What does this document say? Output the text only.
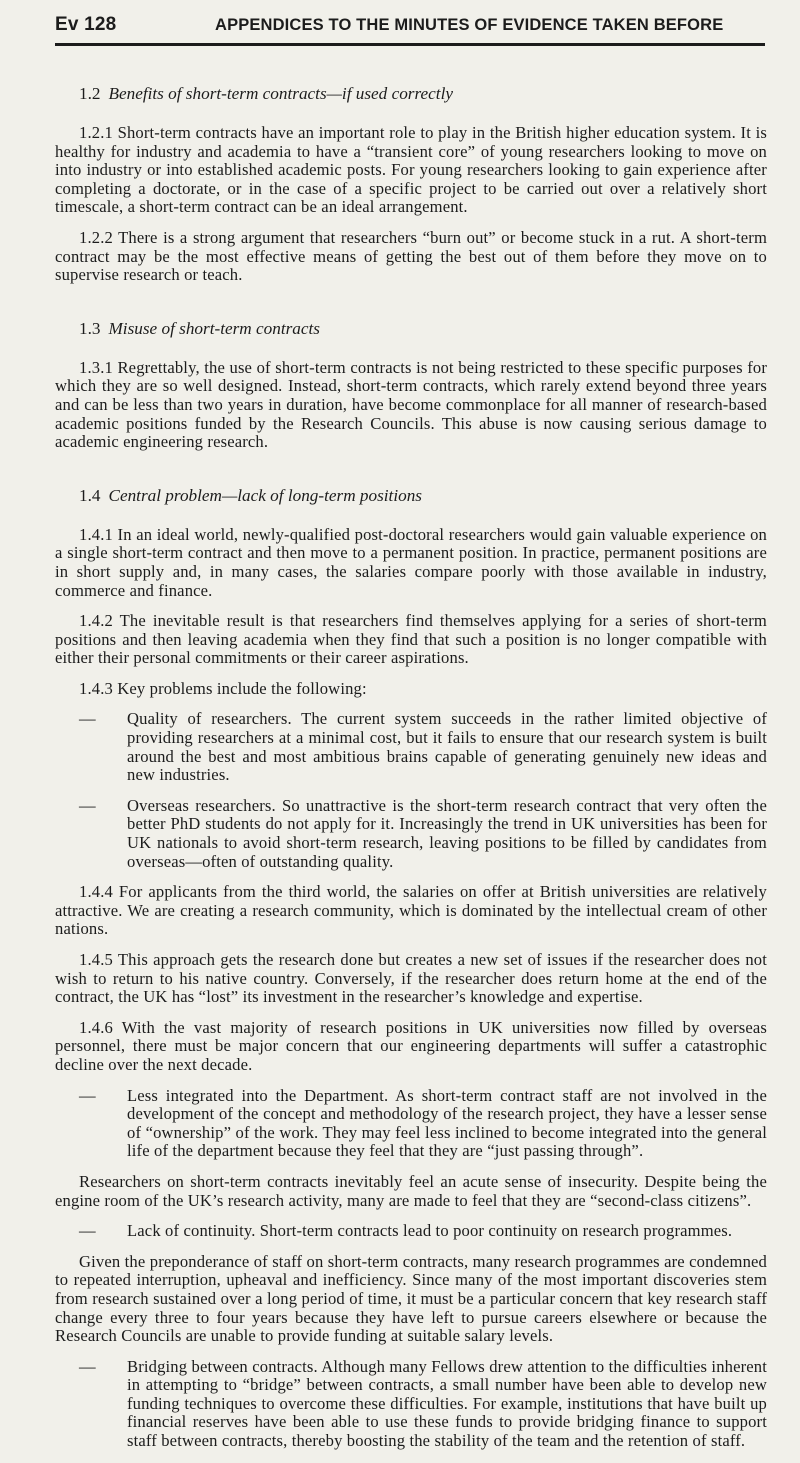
Ev 128	APPENDICES TO THE MINUTES OF EVIDENCE TAKEN BEFORE
1.2 Benefits of short-term contracts—if used correctly

1.2.1 Short-term contracts have an important role to play in the British higher education system. It is healthy for industry and academia to have a “transient core” of young researchers looking to move on into industry or into established academic posts. For young researchers looking to gain experience after completing a doctorate, or in the case of a specific project to be carried out over a relatively short timescale, a short-term contract can be an ideal arrangement.

1.2.2 There is a strong argument that researchers “burn out” or become stuck in a rut. A short-term contract may be the most effective means of getting the best out of them before they move on to supervise research or teach.

1.3 Misuse of short-term contracts

1.3.1 Regrettably, the use of short-term contracts is not being restricted to these specific purposes for which they are so well designed. Instead, short-term contracts, which rarely extend beyond three years and can be less than two years in duration, have become commonplace for all manner of research-based academic positions funded by the Research Councils. This abuse is now causing serious damage to academic engineering research.

1.4 Central problem—lack of long-term positions

1.4.1 In an ideal world, newly-qualified post-doctoral researchers would gain valuable experience on a single short-term contract and then move to a permanent position. In practice, permanent positions are in short supply and, in many cases, the salaries compare poorly with those available in industry, commerce and finance.

1.4.2 The inevitable result is that researchers find themselves applying for a series of short-term positions and then leaving academia when they find that such a position is no longer compatible with either their personal commitments or their career aspirations.

1.4.3 Key problems include the following:

— Quality of researchers. The current system succeeds in the rather limited objective of providing researchers at a minimal cost, but it fails to ensure that our research system is built around the best and most ambitious brains capable of generating genuinely new ideas and new industries.
— Overseas researchers. So unattractive is the short-term research contract that very often the better PhD students do not apply for it. Increasingly the trend in UK universities has been for UK nationals to avoid short-term research, leaving positions to be filled by candidates from overseas—often of outstanding quality.

1.4.4 For applicants from the third world, the salaries on offer at British universities are relatively attractive. We are creating a research community, which is dominated by the intellectual cream of other nations.

1.4.5 This approach gets the research done but creates a new set of issues if the researcher does not wish to return to his native country. Conversely, if the researcher does return home at the end of the contract, the UK has “lost” its investment in the researcher’s knowledge and expertise.

1.4.6 With the vast majority of research positions in UK universities now filled by overseas personnel, there must be major concern that our engineering departments will suffer a catastrophic decline over the next decade.

— Less integrated into the Department. As short-term contract staff are not involved in the development of the concept and methodology of the research project, they have a lesser sense of “ownership” of the work. They may feel less inclined to become integrated into the general life of the department because they feel that they are “just passing through”.

Researchers on short-term contracts inevitably feel an acute sense of insecurity. Despite being the engine room of the UK’s research activity, many are made to feel that they are “second-class citizens”.

— Lack of continuity. Short-term contracts lead to poor continuity on research programmes.

Given the preponderance of staff on short-term contracts, many research programmes are condemned to repeated interruption, upheaval and inefficiency. Since many of the most important discoveries stem from research sustained over a long period of time, it must be a particular concern that key research staff change every three to four years because they have left to pursue careers elsewhere or because the Research Councils are unable to provide funding at suitable salary levels.

— Bridging between contracts. Although many Fellows drew attention to the difficulties inherent in attempting to “bridge” between contracts, a small number have been able to develop new funding techniques to overcome these difficulties. For example, institutions that have built up financial reserves have been able to use these funds to provide bridging finance to support staff between contracts, thereby boosting the stability of the team and the retention of staff.
